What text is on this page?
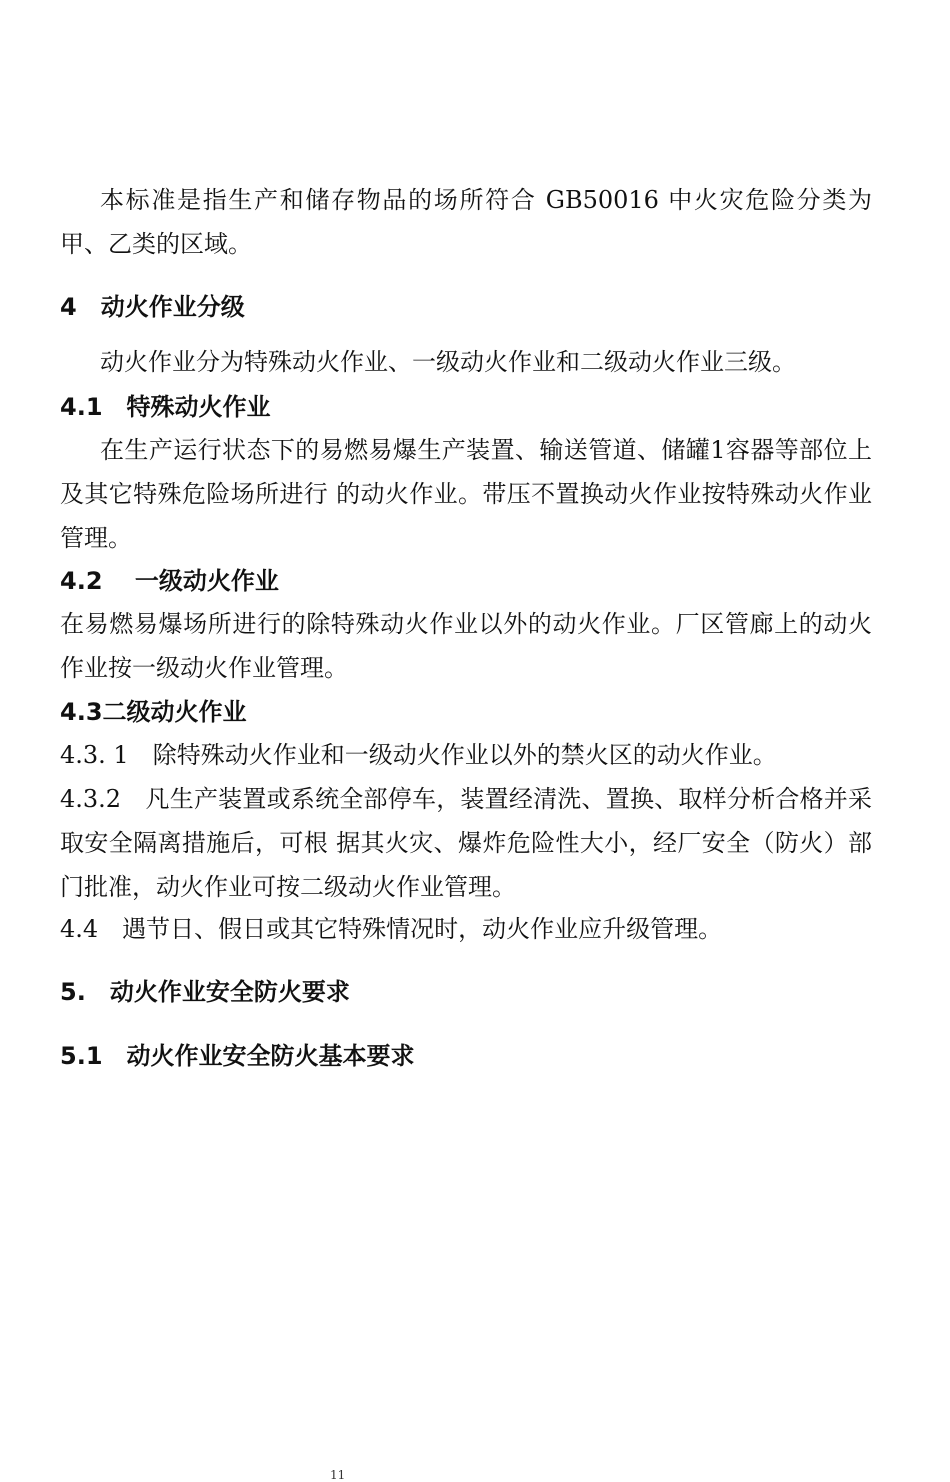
本标准是指生产和储存物品的场所符合 GB50016 中火灾危险分类为甲、乙类的区域。

4　动火作业分级

动火作业分为特殊动火作业、一级动火作业和二级动火作业三级。

4.1　特殊动火作业

在生产运行状态下的易燃易爆生产装置、输送管道、储罐1容器等部位上及其它特殊危险场所进行 的动火作业。带压不置换动火作业按特殊动火作业管理。

4.2　 一级动火作业

在易燃易爆场所进行的除特殊动火作业以外的动火作业。厂区管廊上的动火作业按一级动火作业管理。

4.3二级动火作业

4.3. 1　除特殊动火作业和一级动火作业以外的禁火区的动火作业。

4.3.2　凡生产装置或系统全部停车，装置经清洗、置换、取样分析合格并采取安全隔离措施后，可根 据其火灾、爆炸危险性大小，经厂安全（防火）部门批准，动火作业可按二级动火作业管理。

4.4　遇节日、假日或其它特殊情况时，动火作业应升级管理。

5.　动火作业安全防火要求
5.1　动火作业安全防火基本要求
11
